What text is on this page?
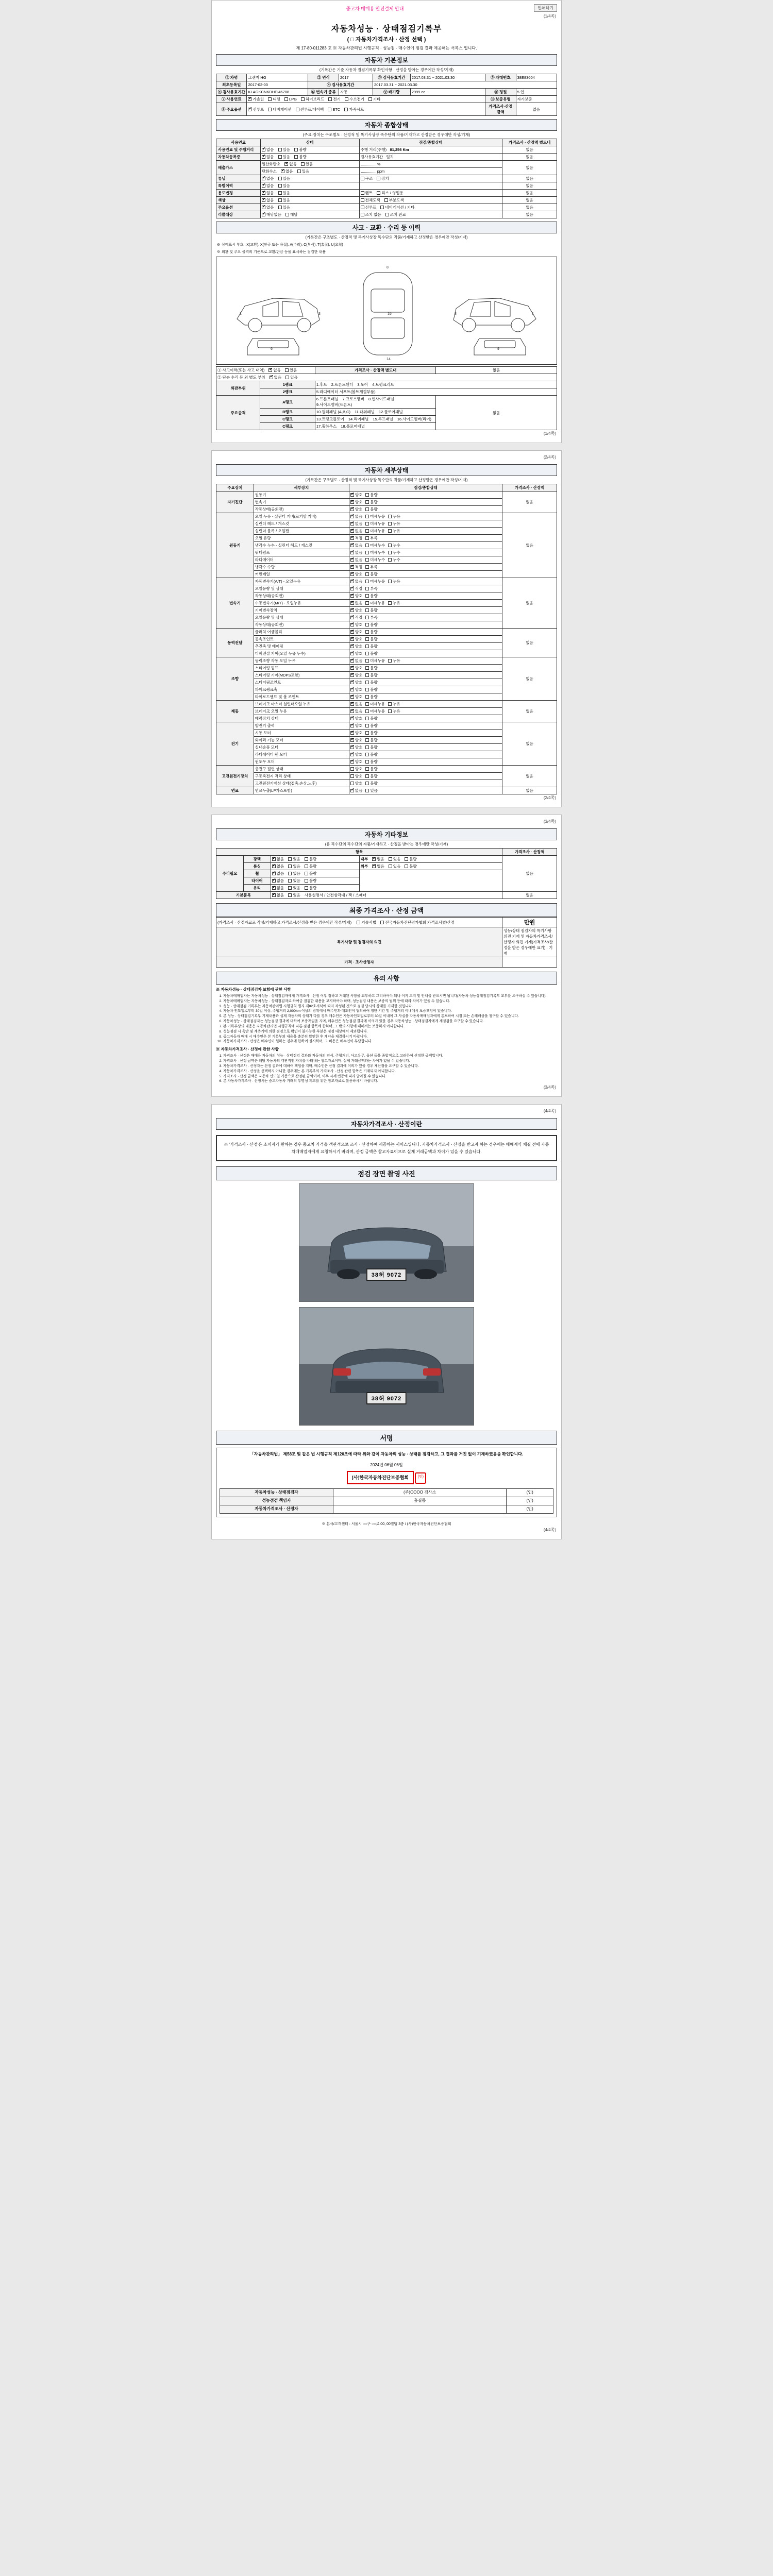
중고차 매매용 안전결제 안내	인쇄하기
(1/4쪽)
자동차성능 · 상태점검기록부
( □ 자동차가격조사 · 산정 선택 )
제 17-80-011283 호 ※ 자동차관리법 시행규칙 · 성능점 · 매수인에 점검 결과 제공해는 서복스 입니다.
자동차 기본정보
(기록간은 기준 자동차 점검기록부 확인사항 · 산정을 받아는 경우에만 작성/기재)
① 차명	그랜저 HG	② 연식	2017	③ 검사유효기간	2017.03.31 ~ 2021.03.30	⑤ 차대번호	38E83604
최초등록일	2017-02-03	④ 검사유효기간		2017.03.31 ~ 2021.03.30			
④ 검사유효기간	KLAGKCNKDHEI46708	⑥ 변속기 종류	자동	⑨ 배기량	2999 cc	⑩ 정원	5 인
⑦ 사용연료	✔가솔린 디젤 LPG 하이브리드 전기 수소전기 기타					⑪ 보증유형	자가보증
⑧ 주요옵션	✔선루프 네비게이션 썬루프/에이백 ETC 가죽시트					가격조사·산정 금액	없음
자동차 종합상태
(주요·장치는 구조별도 · 산정적 및 똑기사상장 똑수단의 작품/기재하고 산정받은 경우에만 작성/기재)
사용연료	상태	점검/종합상태	가격조사 · 산정액 별도내
사용연료 및 주행거리	✔없음 있음 불량	주행 거리(주행) 81,256 Km	없음
자동차등록증	✔없음 있음 불량	검사유효기간 일치	없음
배출가스	일산화탄소 ✔ 없음 있음	%	없음
	탄화수소 ✔ 없음 있음	ppm	
튜닝	✔없음 있음	구조 장치	없음
특별이력	✔없음 있음		없음
용도변경	✔없음 있음	렌트 리스 / 영업용	없음
색상	✔없음 있음	전체도색 부분도색	없음
주요옵션	✔없음 있음	선루프 네비게이션 / 기타	없음
리콜대상	✔해당없음 해당	조치 없음 조치 완료	없음
사고 · 교환 · 수리 등 이력
(기록간은 구조별도 · 산정적 및 똑기사상장 똑수단의 작품/기재하고 산정받은 경우에만 작성/기재)
※ 상태표시 부호 : X(교환), X(판금 또는 용접), A(수리), C(부식), T(흠집), U(요철)
※ 외판 및 주요 골격의 기준으로 교환/판금 등을 표시하는 점검한 내용
8
14
16
1	3	1
3
6	9
① 사고이력(또는 사고 내역) ✔ 없음 있음		가격조사 · 산정액 별도내	없음
② 단순 수리 등 외 별도 부위 ✔ 없음 있음
외판부위	1랭크	1.후드 2.프론트휀더 3.도어 4.트렁크리드	
	2랭크	5.라디에이터 서포트(볼트체결부품)	
주요골격	A랭크	6.프론트패널 7.크로스멤버 8.인사이드패널 9.사이드멤버(프론트)	없음
	B랭크	10.필러패널 (A,B,C) 11.대쉬패널 12.플로어패널	
	C랭크	13.트렁크플로어 14.리어패널 15.루프패널 16.사이드멤버(리어)	
	C랭크	17.휠하우스 18.플로어패널	
(1/4쪽)
(2/4쪽)
자동차 세부상태
(기록간은 구조별도 · 산정적 및 똑기사상장 똑수단의 작품/기재하고 산정받은 경우에만 작성/기재)
주요장치	세부장치	점검/종합상태	가격조사 · 산정액
자기진단	원동기	✔양호 불량	없음
	변속기	✔양호 불량
	작동상태(공회전)	✔양호 불량
원동기	오일 누유 - 실린더 커버(로커암 커버)	✔없음 미세누유 누유	없음
	실린더 헤드 / 개스킷	✔없음 미세누유 누유
	실린더 블록 / 오일팬	✔없음 미세누유 누유
	오일 유량	✔적정 부족
	냉각수 누수 - 실린더 헤드 / 개스킷	✔없음 미세누수 누수
	워터펌프	✔없음 미세누수 누수
	라디에이터	✔없음 미세누수 누수
	냉각수 수량	✔적정 부족
	커먼레일	✔양호 불량
변속기	자동변속기(A/T) - 오일누유	✔없음 미세누유 누유	없음
	오일유량 및 상태	✔적정 부족
	작동상태(공회전)	✔양호 불량
	수동변속기(M/T) - 오일누유	✔없음 미세누유 누유
	기어변속장치	✔양호 불량
	오일유량 및 상태	✔적정 부족
	작동상태(공회전)	✔양호 불량
동력전달	클러치 어셈블리	✔양호 불량	없음
	등속조인트	✔양호 불량
	추진축 및 베어링	✔양호 불량
	디퍼렌셜 기어(오일 누유 누수)	✔양호 불량
조향	동력조향 작동 오일 누유	✔없음 미세누유 누유	없음
	스티어링 펌프	✔양호 불량
	스티어링 기어(MDPS포함)	✔양호 불량
	스티어링조인트	✔양호 불량
	파워크랭크축	✔양호 불량
	타이로드엔드 및 볼 조인트	✔양호 불량
제동	브레이크 마스터 실린더오일 누유	✔없음 미세누유 누유	없음
	브레이크 오일 누유	✔없음 미세누유 누유
	배력장치 상태	✔양호 불량
전기	발전기 출력	✔양호 불량	없음
	시동 모터	✔양호 불량
	와이퍼 기능 모터	✔양호 불량
	실내송풍 모터	✔양호 불량
	라디에이터 팬 모터	✔양호 불량
	윈도우 모터	✔양호 불량
고전원전기장치	충전구 절연 상태	양호 불량	없음
	구동축전지 격리 상태	양호 불량	
	고전원전기배선 상태(접촉,손상,노후)	양호 불량	
연료	연료누출(LP가스포함)	✔없음 있음	없음
(2/4쪽)
(3/4쪽)
자동차 기타정보
(유 똑수단의 똑수단의 자품/기재하고 · 산정을 받아는 경우에만 작성/기재)
항목				가격조사 · 산정액
수리필요	광택	✔없음 있음 불량	내부 ✔ 없음 있음 불량	없음
	룸싱	✔없음 있음 불량	외부 ✔ 없음 있음 불량
	휠	✔없음 있음 불량	
	타이어	✔없음 있음 불량
	유리	✔없음 있음 불량
기본품목	✔없음 있음 사용설명서 / 안전삼각대 / 잭 / 스패너		없음
최종 가격조사 · 산정 금액
(가격조사 · 산정자료로 작성/기재하고 가격조사/산정을 받은 경우에만 작성/기재) 기술사법 전국자동차진단평가협회 가격조사별/산정	만원
특기사항 및 점검자의 의견	성능/상태 점검자의 특기사항 의견 기재 및 자동차가격조사/산정자 의견 기재(가격조사/산정을 받은 경우에만 표기) · 기재
가격 · 조사산정자	
유의 사항
※ 자동차성능 · 상태점검자 보험에 관한 사항
1. 자동차매매업자는 자동차성능 · 상태점검자에게 가격조사 · 산정 여부 정하고 거래된 사항을 교부하고 그리하여야 되나 이지 고지 및 안내를 받으시면 됩니다(자동차 성능상태점검기록부 교부를 요구하실 수 있습니다).
2. 자동차매매업자는 자동차성능 · 상태점검자로 하여금 점검한 내용을 고지하여야 하며, 성능점검 내용은 보증의 범위 등에 따라 차이가 있을 수 있습니다.
3. 성능 · 상태점검 기록부는 자동차관리법 시행규칙 별지 제82호서식에 따라 작성된 것으로 점검 당시의 상태를 기재한 것입니다.
4. 자동차 인도일로부터 30일 이상, 주행거리 2,000km 이상의 범위에서 매수인과 매도인이 협의하여 정한 기간 및 주행거리 이내에서 보증책임이 있습니다.
5. 본 성능 · 상태점검기록부 기재내용과 실제 자동차의 상태가 다를 경우 매수인은 자동차인도일로부터 30일 이내에 그 사실을 자동차매매업자에게 통보하여 시정 또는 손해배상을 청구할 수 있습니다.
6. 자동차성능 · 상태점검자는 성능점검 결과에 대하여 보증책임을 지며, 매수인은 성능점검 결과에 이의가 있을 경우 자동차성능 · 상태점검자에게 재점검을 요구할 수 있습니다.
7. 본 기록부상의 내용은 자동차관리법 시행규칙에 따른 점검 항목에 한하며, 그 밖의 사항에 대해서는 보증하지 아니합니다.
8. 성능점검 시 육안 및 계측기에 의한 점검으로 확인이 불가능한 부분은 점검 대상에서 제외됩니다.
9. 중고자동차 매매 시 매수인은 본 기록부의 내용을 충분히 확인한 후 계약을 체결하시기 바랍니다.
10. 자동차가격조사 · 산정은 매수인이 원하는 경우에 한하여 실시하며, 그 비용은 매수인이 부담합니다.
※ 자동차가격조사 · 산정에 관한 사항
1. 가격조사 · 산정은 매매용 자동차의 성능 · 상태점검 결과와 자동차의 연식, 주행거리, 사고유무, 옵션 등을 종합적으로 고려하여 산정한 금액입니다.
2. 가격조사 · 산정 금액은 해당 자동차의 객관적인 가치를 나타내는 참고자료이며, 실제 거래금액과는 차이가 있을 수 있습니다.
3. 자동차가격조사 · 산정자는 산정 결과에 대하여 책임을 지며, 매수인은 산정 결과에 이의가 있을 경우 재산정을 요구할 수 있습니다.
4. 자동차가격조사 · 산정을 선택하지 아니한 경우에는 본 기록부의 가격조사 · 산정 관련 항목은 기재되지 아니합니다.
5. 가격조사 · 산정 금액은 자동차 인도일 기준으로 산정된 금액이며, 이후 시세 변동에 따라 달라질 수 있습니다.
6. 본 자동차가격조사 · 산정서는 중고자동차 거래의 투명성 제고를 위한 참고자료로 활용하시기 바랍니다.
(3/4쪽)
(4/4쪽)
자동차가격조사 · 산정이란
※ '가격조사 · 산정'은 소비자가 원하는 경우 중고차 가격을 객관적으로 조사 · 산정하여 제공하는 서비스입니다. 자동차가격조사 · 산정을 받고자 하는 경우에는 매매계약 체결 전에 자동차매매업자에게 요청하시기 바라며, 산정 금액은 참고자료이므로 실제 거래금액과 차이가 있을 수 있습니다.
점검 장면 촬영 사진
38허 9072
38허 9072
서명
「자동차관리법」 제58조 및 같은 법 시행규칙 제120조에 따라 위와 같이 자동차의 성능 · 상태를 점검하고, 그 결과를 거짓 없이 기재하였음을 확인합니다.
2024년 06월 06일
[사]한국자동차진단보증협회	(인)
자동차성능 · 상태점검자	(주)OOOO 검사소	(인)
성능점검 책임자	홍길동	(인)
자동차가격조사 · 산정자		(인)
※ 본사/고객센터 : 서울시 ○○구 ○○로 00, 00빌딩 3층 / (사)한국자동차진단보증협회
(4/4쪽)
